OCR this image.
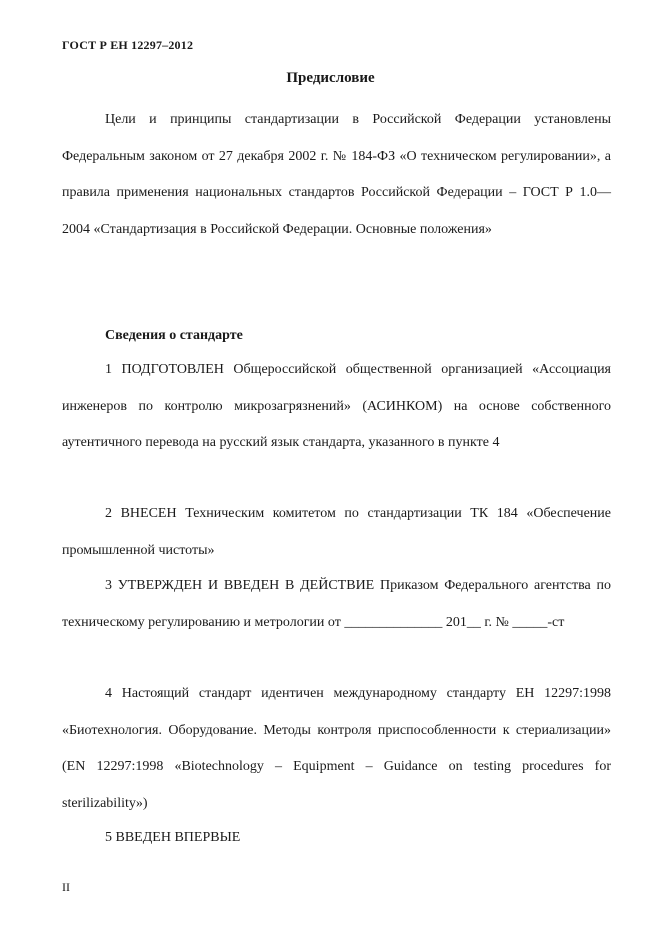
ГОСТ Р ЕН 12297–2012
Предисловие

Цели и принципы стандартизации в Российской Федерации установлены Федеральным законом от 27 декабря 2002 г. № 184-ФЗ «О техническом регулировании», а правила применения национальных стандартов Российской Федерации – ГОСТ Р 1.0—2004 «Стандартизация в Российской Федерации. Основные положения»

Сведения о стандарте

1 ПОДГОТОВЛЕН Общероссийской общественной организацией «Ассоциация инженеров по контролю микрозагрязнений» (АСИНКОМ) на основе собственного аутентичного перевода на русский язык стандарта, указанного в пункте 4

2 ВНЕСЕН Техническим комитетом по стандартизации ТК 184 «Обеспечение промышленной чистоты»

3 УТВЕРЖДЕН И ВВЕДЕН В ДЕЙСТВИЕ Приказом Федерального агентства по техническому регулированию и метрологии от ______________ 201__ г. № _____-ст

4 Настоящий стандарт идентичен международному стандарту ЕН 12297:1998 «Биотехнология. Оборудование. Методы контроля приспособленности к стериализации» (EN 12297:1998 «Biotechnology – Equipment – Guidance on testing procedures for sterilizability»)

5 ВВЕДЕН ВПЕРВЫЕ

II
